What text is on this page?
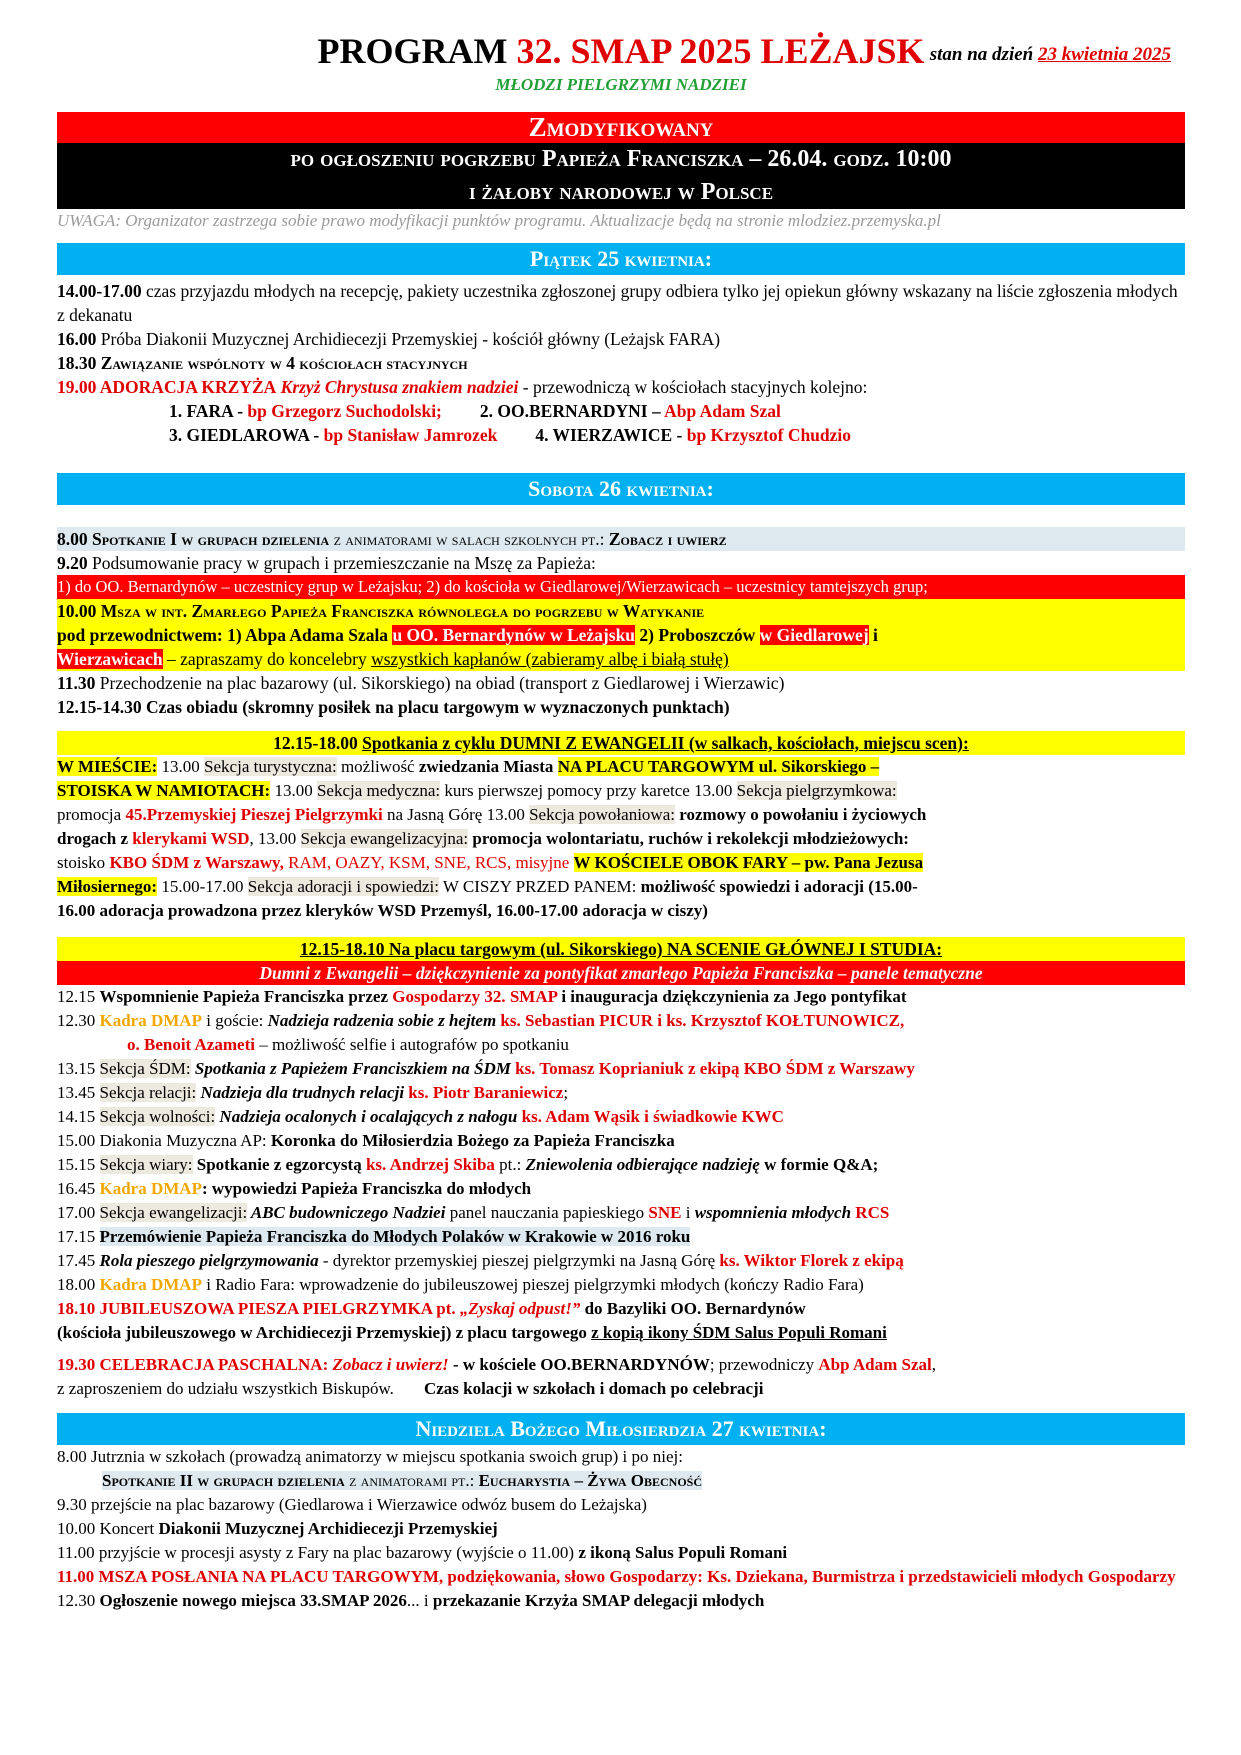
PROGRAM 32. SMAP 2025 LEŻAJSK stan na dzień 23 kwietnia 2025
MŁODZI PIELGRZYMI NADZIEI
Zmodyfikowany
po ogłoszeniu pogrzebu Papieża Franciszka – 26.04. godz. 10:00
i żałoby narodowej w Polsce
UWAGA: Organizator zastrzega sobie prawo modyfikacji punktów programu. Aktualizacje będą na stronie mlodziez.przemyska.pl
Piątek 25 kwietnia:
14.00-17.00 czas przyjazdu młodych na recepcję, pakiety uczestnika zgłoszonej grupy odbiera tylko jej opiekun główny wskazany na liście zgłoszenia młodych z dekanatu
16.00 Próba Diakonii Muzycznej Archidiecezji Przemyskiej - kościół główny (Leżajsk FARA)
18.30 Zawiązanie wspólnoty w 4 kościołach stacyjnych
19.00 ADORACJA KRZYŻA Krzyż Chrystusa znakiem nadziei - przewodniczą w kościołach stacyjnych kolejno:
1. FARA - bp Grzegorz Suchodolski; 2. OO.BERNARDYNI – Abp Adam Szal
3. GIEDLAROWA - bp Stanisław Jamrozek 4. WIERZAWICE - bp Krzysztof Chudzio
Sobota 26 kwietnia:
8.00 Spotkanie I w grupach dzielenia z animatorami w salach szkolnych pt.: Zobacz i uwierz
9.20 Podsumowanie pracy w grupach i przemieszczanie na Mszę za Papieża:
1) do OO. Bernardynów – uczestnicy grup w Leżajsku; 2) do kościoła w Giedlarowej/Wierzawicach – uczestnicy tamtejszych grup;
10.00 Msza w int. Zmarłego Papieża Franciszka równoległa do pogrzebu w Watykanie
pod przewodnictwem: 1) Abpa Adama Szala u OO. Bernardynów w Leżajsku 2) Proboszczów w Giedlarowej i
Wierzawicach – zapraszamy do koncelebry wszystkich kapłanów (zabieramy albę i białą stułę)
11.30 Przechodzenie na plac bazarowy (ul. Sikorskiego) na obiad (transport z Giedlarowej i Wierzawic)
12.15-14.30 Czas obiadu (skromny posiłek na placu targowym w wyznaczonych punktach)
12.15-18.00 Spotkania z cyklu DUMNI Z EWANGELII (w salkach, kościołach, miejscu scen):
W MIEŚCIE: 13.00 Sekcja turystyczna: możliwość zwiedzania Miasta NA PLACU TARGOWYM ul. Sikorskiego –
STOISKA W NAMIOTACH: 13.00 Sekcja medyczna: kurs pierwszej pomocy przy karetce 13.00 Sekcja pielgrzymkowa:
promocja 45.Przemyskiej Pieszej Pielgrzymki na Jasną Górę 13.00 Sekcja powołaniowa: rozmowy o powołaniu i życiowych
drogach z klerykami WSD, 13.00 Sekcja ewangelizacyjna: promocja wolontariatu, ruchów i rekolekcji młodzieżowych:
stoisko KBO ŚDM z Warszawy, RAM, OAZY, KSM, SNE, RCS, misyjne W KOŚCIELE OBOK FARY – pw. Pana Jezusa
Miłosiernego: 15.00-17.00 Sekcja adoracji i spowiedzi: W CISZY PRZED PANEM: możliwość spowiedzi i adoracji (15.00-
16.00 adoracja prowadzona przez kleryków WSD Przemyśl, 16.00-17.00 adoracja w ciszy)
12.15-18.10 Na placu targowym (ul. Sikorskiego) NA SCENIE GŁÓWNEJ I STUDIA:
Dumni z Ewangelii – dziękczynienie za pontyfikat zmarłego Papieża Franciszka – panele tematyczne
12.15 Wspomnienie Papieża Franciszka przez Gospodarzy 32. SMAP i inauguracja dziękczynienia za Jego pontyfikat
12.30 Kadra DMAP i goście: Nadzieja radzenia sobie z hejtem ks. Sebastian PICUR i ks. Krzysztof KOŁTUNOWICZ,
o. Benoit Azameti – możliwość selfie i autografów po spotkaniu
13.15 Sekcja ŚDM: Spotkania z Papieżem Franciszkiem na ŚDM ks. Tomasz Koprianiuk z ekipą KBO ŚDM z Warszawy
13.45 Sekcja relacji: Nadzieja dla trudnych relacji ks. Piotr Baraniewicz;
14.15 Sekcja wolności: Nadzieja ocalonych i ocalających z nałogu ks. Adam Wąsik i świadkowie KWC
15.00 Diakonia Muzyczna AP: Koronka do Miłosierdzia Bożego za Papieża Franciszka
15.15 Sekcja wiary: Spotkanie z egzorcystą ks. Andrzej Skiba pt.: Zniewolenia odbierające nadzieję w formie Q&A;
16.45 Kadra DMAP: wypowiedzi Papieża Franciszka do młodych
17.00 Sekcja ewangelizacji: ABC budowniczego Nadziei panel nauczania papieskiego SNE i wspomnienia młodych RCS
17.15 Przemówienie Papieża Franciszka do Młodych Polaków w Krakowie w 2016 roku
17.45 Rola pieszego pielgrzymowania - dyrektor przemyskiej pieszej pielgrzymki na Jasną Górę ks. Wiktor Florek z ekipą
18.00 Kadra DMAP i Radio Fara: wprowadzenie do jubileuszowej pieszej pielgrzymki młodych (kończy Radio Fara)
18.10 JUBILEUSZOWA PIESZA PIELGRZYMKA pt. „Zyskaj odpust!” do Bazyliki OO. Bernardynów
(kościoła jubileuszowego w Archidiecezji Przemyskiej) z placu targowego z kopią ikony ŚDM Salus Populi Romani
19.30 CELEBRACJA PASCHALNA: Zobacz i uwierz! - w kościele OO.BERNARDYNÓW; przewodniczy Abp Adam Szal,
z zaproszeniem do udziału wszystkich Biskupów. Czas kolacji w szkołach i domach po celebracji
Niedziela Bożego Miłosierdzia 27 kwietnia:
8.00 Jutrznia w szkołach (prowadzą animatorzy w miejscu spotkania swoich grup) i po niej:
Spotkanie II w grupach dzielenia z animatorami pt.: Eucharystia – Żywa Obecność
9.30 przejście na plac bazarowy (Giedlarowa i Wierzawice odwóz busem do Leżajska)
10.00 Koncert Diakonii Muzycznej Archidiecezji Przemyskiej
11.00 przyjście w procesji asysty z Fary na plac bazarowy (wyjście o 11.00) z ikoną Salus Populi Romani
11.00 MSZA POSŁANIA NA PLACU TARGOWYM, podziękowania, słowo Gospodarzy: Ks. Dziekana, Burmistrza i przedstawicieli młodych Gospodarzy
12.30 Ogłoszenie nowego miejsca 33.SMAP 2026... i przekazanie Krzyża SMAP delegacji młodych
